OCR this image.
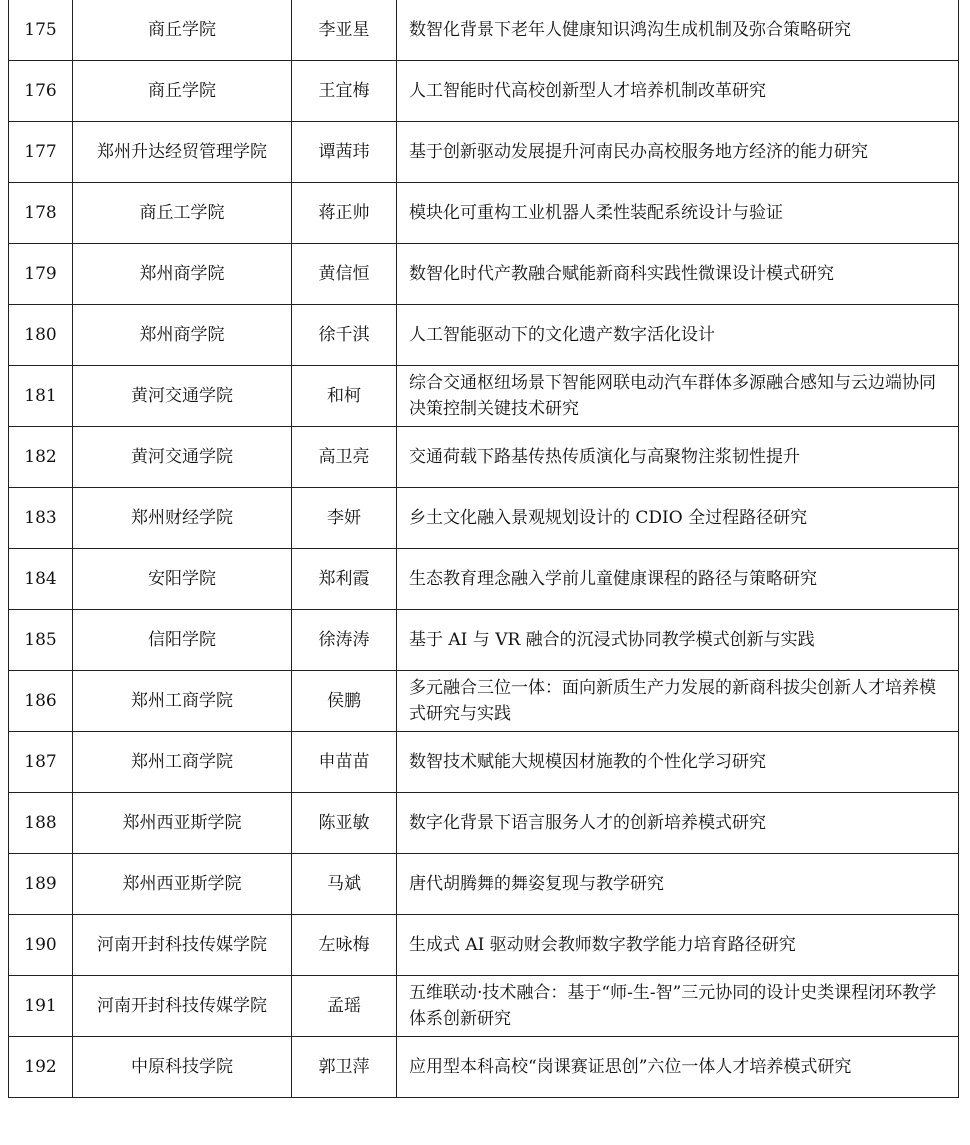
175	商丘学院	李亚星	数智化背景下老年人健康知识鸿沟生成机制及弥合策略研究
176	商丘学院	王宜梅	人工智能时代高校创新型人才培养机制改革研究
177	郑州升达经贸管理学院	谭茜玮	基于创新驱动发展提升河南民办高校服务地方经济的能力研究
178	商丘工学院	蒋正帅	模块化可重构工业机器人柔性装配系统设计与验证
179	郑州商学院	黄信恒	数智化时代产教融合赋能新商科实践性微课设计模式研究
180	郑州商学院	徐千淇	人工智能驱动下的文化遗产数字活化设计
181	黄河交通学院	和柯	综合交通枢纽场景下智能网联电动汽车群体多源融合感知与云边端协同决策控制关键技术研究
182	黄河交通学院	高卫亮	交通荷载下路基传热传质演化与高聚物注浆韧性提升
183	郑州财经学院	李妍	乡土文化融入景观规划设计的 CDIO 全过程路径研究
184	安阳学院	郑利霞	生态教育理念融入学前儿童健康课程的路径与策略研究
185	信阳学院	徐涛涛	基于 AI 与 VR 融合的沉浸式协同教学模式创新与实践
186	郑州工商学院	侯鹏	多元融合三位一体：面向新质生产力发展的新商科拔尖创新人才培养模式研究与实践
187	郑州工商学院	申苗苗	数智技术赋能大规模因材施教的个性化学习研究
188	郑州西亚斯学院	陈亚敏	数字化背景下语言服务人才的创新培养模式研究
189	郑州西亚斯学院	马斌	唐代胡腾舞的舞姿复现与教学研究
190	河南开封科技传媒学院	左咏梅	生成式 AI 驱动财会教师数字教学能力培育路径研究
191	河南开封科技传媒学院	孟瑶	五维联动·技术融合：基于“师-生-智”三元协同的设计史类课程闭环教学体系创新研究
192	中原科技学院	郭卫萍	应用型本科高校“岗课赛证思创”六位一体人才培养模式研究
